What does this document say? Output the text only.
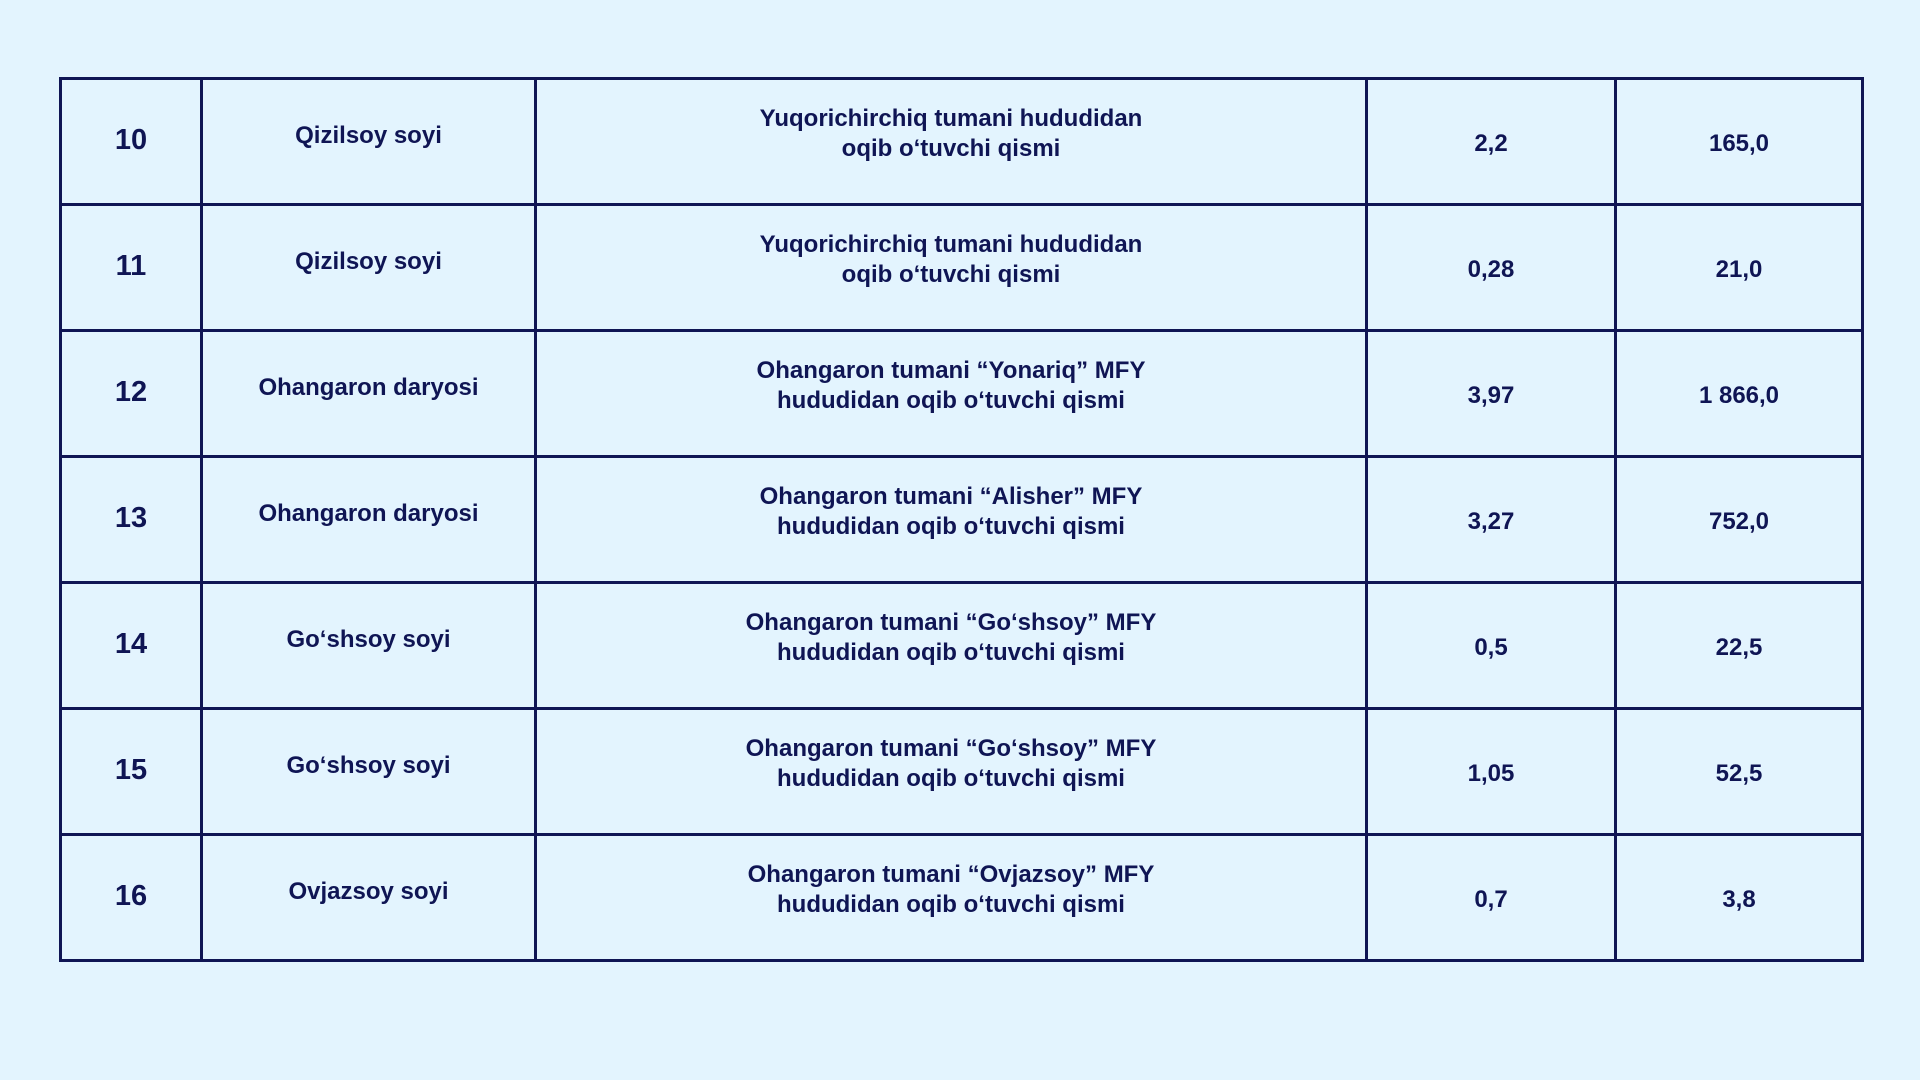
10	Qizilsoy soyi	Yuqorichirchiq tumani hududidan
oqib o‘tuvchi qismi	2,2	165,0
11	Qizilsoy soyi	Yuqorichirchiq tumani hududidan
oqib o‘tuvchi qismi	0,28	21,0
12	Ohangaron daryosi	Ohangaron tumani “Yonariq” MFY
hududidan oqib o‘tuvchi qismi	3,97	1 866,0
13	Ohangaron daryosi	Ohangaron tumani “Alisher” MFY
hududidan oqib o‘tuvchi qismi	3,27	752,0
14	Go‘shsoy soyi	Ohangaron tumani “Go‘shsoy” MFY
hududidan oqib o‘tuvchi qismi	0,5	22,5
15	Go‘shsoy soyi	Ohangaron tumani “Go‘shsoy” MFY
hududidan oqib o‘tuvchi qismi	1,05	52,5
16	Ovjazsoy soyi	Ohangaron tumani “Ovjazsoy” MFY
hududidan oqib o‘tuvchi qismi	0,7	3,8
